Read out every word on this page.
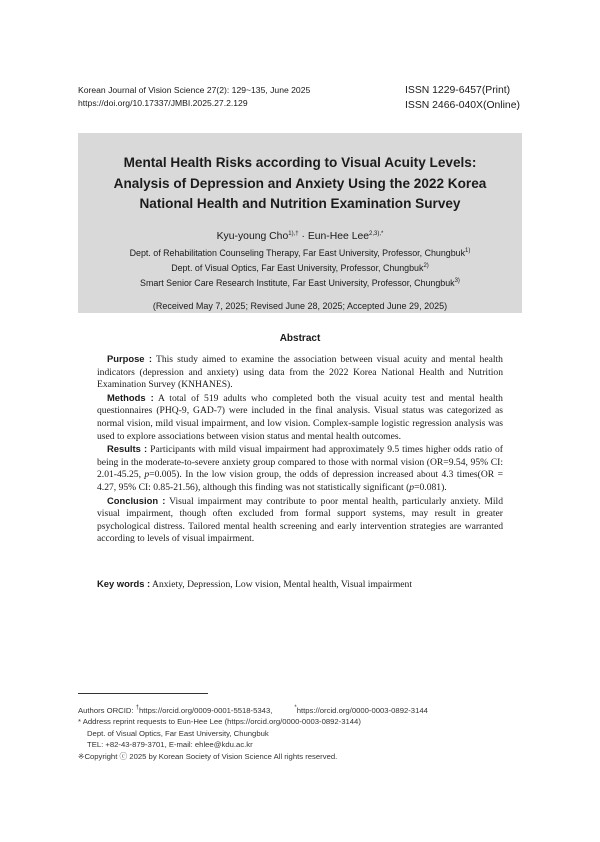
Korean Journal of Vision Science 27(2): 129~135, June 2025
https://doi.org/10.17337/JMBI.2025.27.2.129
ISSN 1229-6457(Print)
ISSN 2466-040X(Online)
Mental Health Risks according to Visual Acuity Levels:
Analysis of Depression and Anxiety Using the 2022 Korea
National Health and Nutrition Examination Survey
Kyu-young Cho$^{1),\dagger}$ · Eun-Hee Lee$^{2,3),*}$
Dept. of Rehabilitation Counseling Therapy, Far East University, Professor, Chungbuk$^{1)}$
Dept. of Visual Optics, Far East University, Professor, Chungbuk$^{2)}$
Smart Senior Care Research Institute, Far East University, Professor, Chungbuk$^{3)}$
(Received May 7, 2025; Revised June 28, 2025; Accepted June 29, 2025)
Abstract

Purpose : This study aimed to examine the association between visual acuity and mental health indicators (depression and anxiety) using data from the 2022 Korea National Health and Nutrition Examination Survey (KNHANES).

Methods : A total of 519 adults who completed both the visual acuity test and mental health questionnaires (PHQ-9, GAD-7) were included in the final analysis. Visual status was categorized as normal vision, mild visual impairment, and low vision. Complex-sample logistic regression analysis was used to explore associations between vision status and mental health outcomes.

Results : Participants with mild visual impairment had approximately 9.5 times higher odds ratio of being in the moderate-to-severe anxiety group compared to those with normal vision (OR=9.54, 95% CI: 2.01-45.25, p=0.005). In the low vision group, the odds of depression increased about 4.3 times(OR = 4.27, 95% CI: 0.85-21.56), although this finding was not statistically significant (p=0.081).

Conclusion : Visual impairment may contribute to poor mental health, particularly anxiety. Mild visual impairment, though often excluded from formal support systems, may result in greater psychological distress. Tailored mental health screening and early intervention strategies are warranted according to levels of visual impairment.

Key words : Anxiety, Depression, Low vision, Mental health, Visual impairment
Authors ORCID: †https://orcid.org/0009-0001-5518-5343,	*https://orcid.org/0000-0003-0892-3144
* Address reprint requests to Eun-Hee Lee (https://orcid.org/0000-0003-0892-3144)
Dept. of Visual Optics, Far East University, Chungbuk
TEL: +82-43-879-3701, E-mail: ehlee@kdu.ac.kr
※Copyright ⓒ 2025 by Korean Society of Vision Science All rights reserved.
